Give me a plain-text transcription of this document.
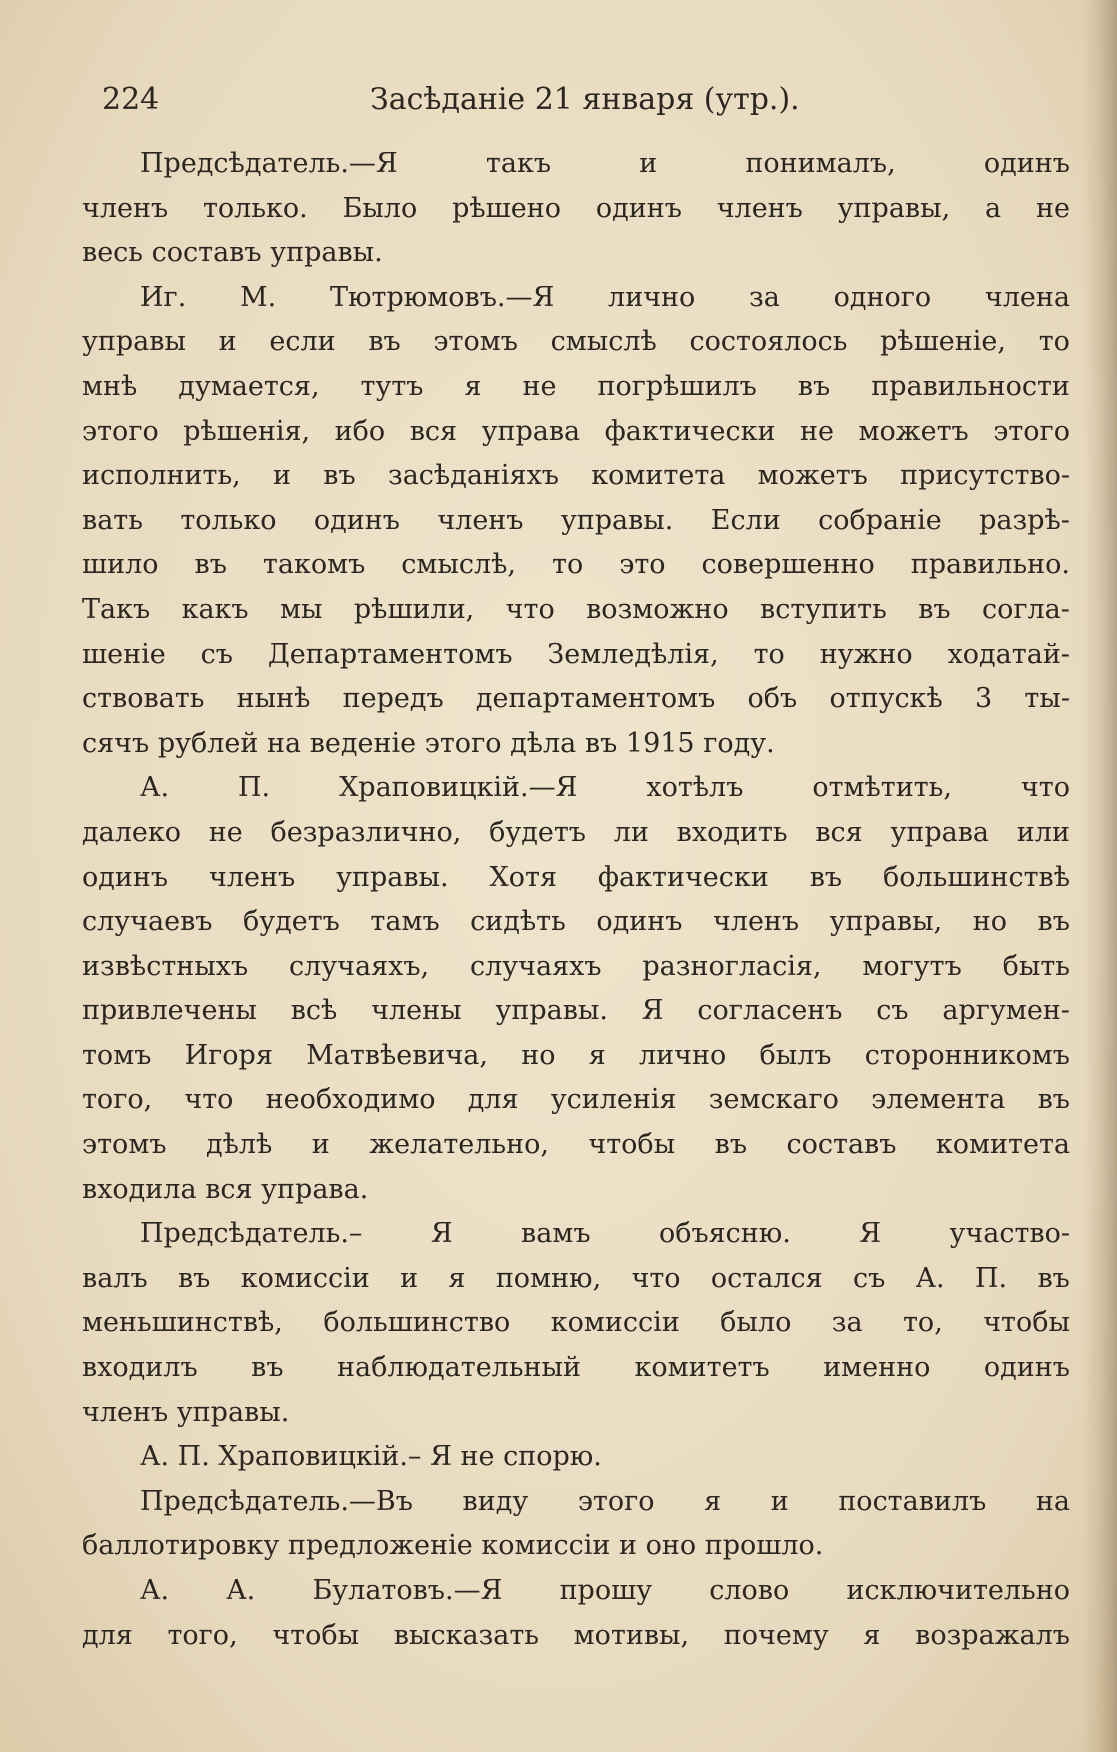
224	Засѣданіе 21 января (утр.).
Предсѣдатель.—Я	такъ	и	понималъ,	одинъ
членъ только. Было рѣшено одинъ членъ управы, а не
весь составъ управы.
Иг. М. Тютрюмовъ.—Я лично за одного члена
управы и если въ этомъ смыслѣ состоялось рѣшеніе, то
мнѣ думается, тутъ я не погрѣшилъ въ правильности
этого рѣшенія, ибо вся управа фактически не можетъ этого
исполнить, и въ засѣданіяхъ комитета можетъ присутство-
вать только одинъ членъ управы. Если собраніе разрѣ-
шило въ такомъ смыслѣ, то это совершенно правильно.
Такъ какъ мы рѣшили, что возможно вступить въ согла-
шеніе съ Департаментомъ Земледѣлія, то нужно ходатай-
ствовать нынѣ передъ департаментомъ объ отпускѣ 3 ты-
сячъ рублей на веденіе этого дѣла въ 1915 году.
А.	П.	Храповицкій.—Я	хотѣлъ	отмѣтить,	что
далеко не безразлично, будетъ ли входить вся управа или
одинъ членъ управы. Хотя фактически въ большинствѣ
случаевъ будетъ тамъ сидѣть одинъ членъ управы, но въ
извѣстныхъ случаяхъ, случаяхъ разногласія, могутъ быть
привлечены всѣ члены управы. Я согласенъ съ аргумен-
томъ Игоря Матвѣевича, но я лично былъ сторонникомъ
того, что необходимо для усиленія земскаго элемента въ
этомъ дѣлѣ и желательно, чтобы въ составъ комитета
входила вся управа.
Предсѣдатель.–	Я	вамъ	объясню.	Я	участво-
валъ въ комиссіи и я помню, что остался съ А. П. въ
меньшинствѣ, большинство комиссіи было за то, чтобы
входилъ въ наблюдательный комитетъ именно одинъ
членъ управы.
А. П. Храповицкій.– Я не спорю.
Предсѣдатель.—Въ виду этого я и поставилъ на
баллотировку предложеніе комиссіи и оно прошло.
А. А. Булатовъ.—Я прошу слово исключительно
для того, чтобы высказать мотивы, почему я возражалъ
